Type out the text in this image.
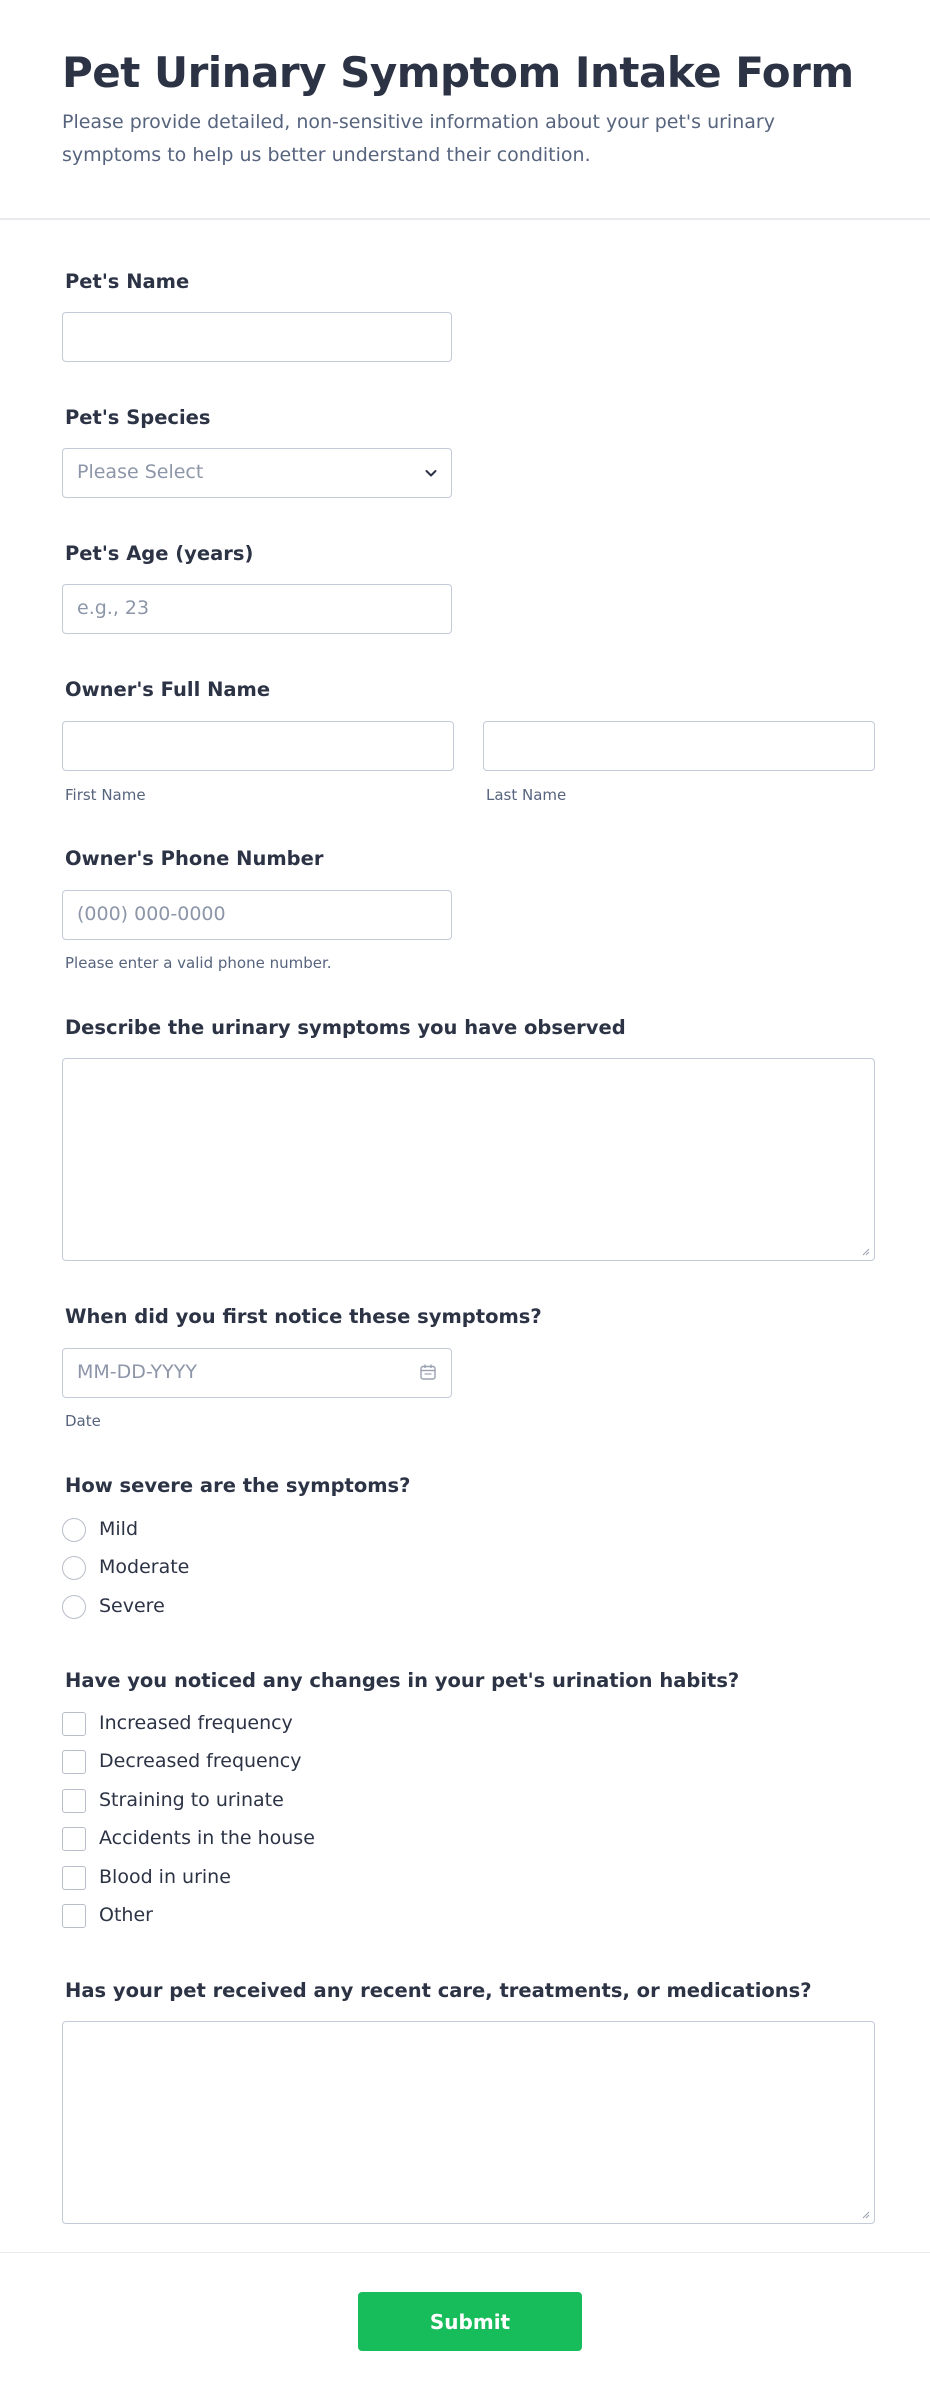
Pet Urinary Symptom Intake Form

Please provide detailed, non-sensitive information about your pet's urinary symptoms to help us better understand their condition.

Pet's Name
Pet's Species
Please Select
Pet's Age (years)
e.g., 23
Owner's Full Name
First Name	Last Name
Owner's Phone Number
(000) 000-0000
Please enter a valid phone number.
Describe the urinary symptoms you have observed
When did you first notice these symptoms?
MM-DD-YYYY
Date
How severe are the symptoms?
Mild
Moderate
Severe
Have you noticed any changes in your pet's urination habits?
Increased frequency
Decreased frequency
Straining to urinate
Accidents in the house
Blood in urine
Other
Has your pet received any recent care, treatments, or medications?
Submit
